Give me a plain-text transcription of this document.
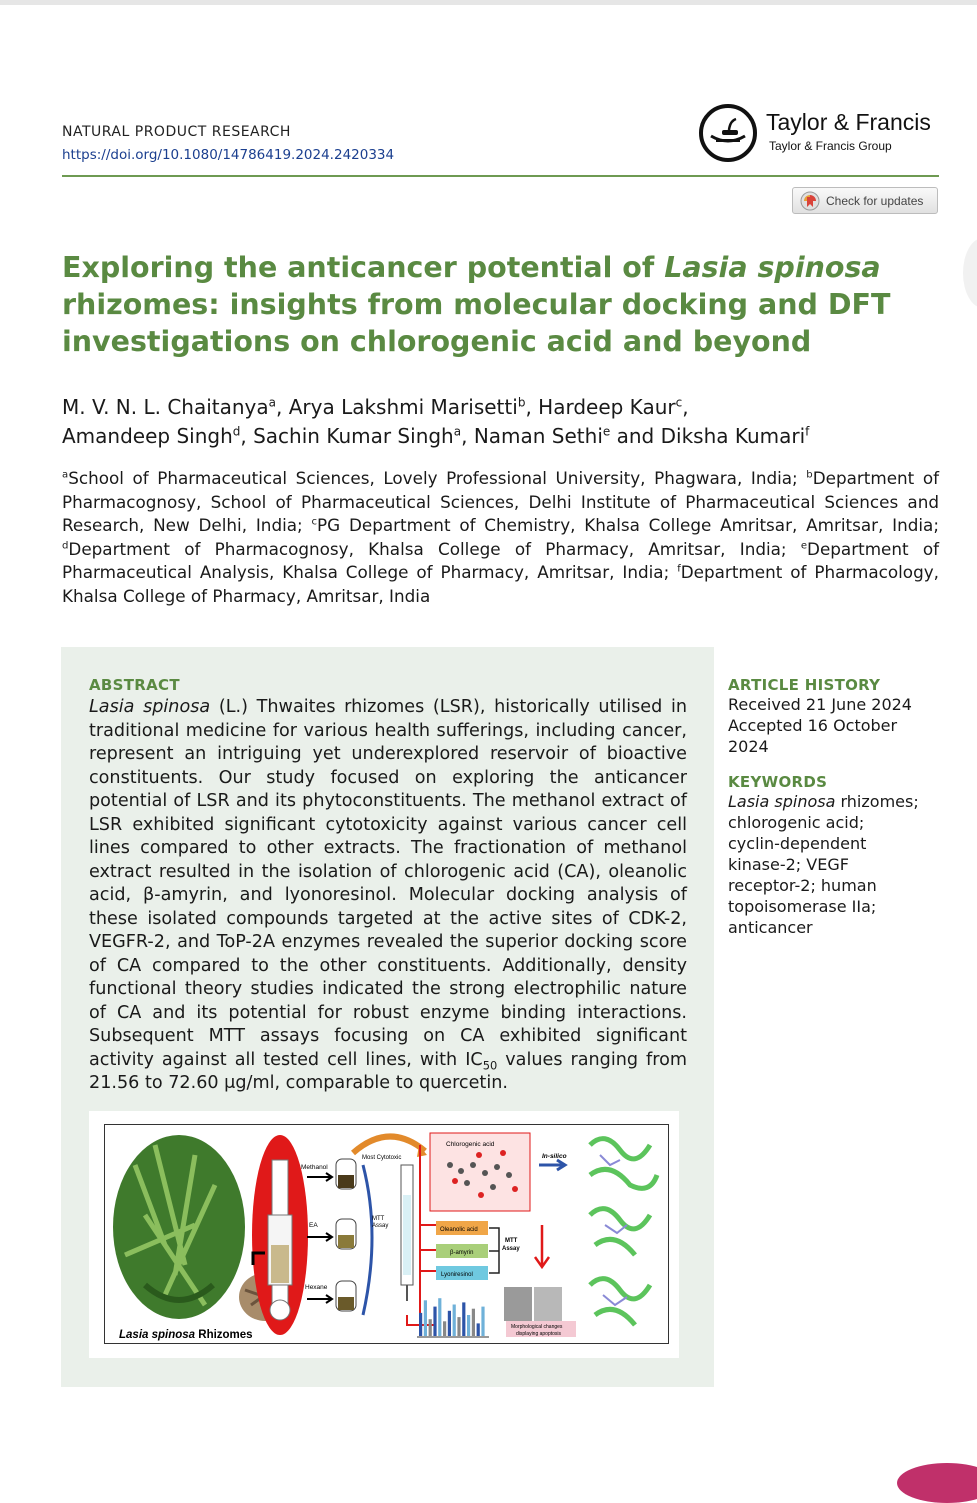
NATURAL PRODUCT RESEARCH
https://doi.org/10.1080/14786419.2024.2420334
Taylor & Francis
Taylor & Francis Group
Check for updates
Exploring the anticancer potential of Lasia spinosa rhizomes: insights from molecular docking and DFT investigations on chlorogenic acid and beyond
M. V. N. L. Chaitanya$^a$, Arya Lakshmi Marisetti$^b$, Hardeep Kaur$^c$,
Amandeep Singh$^d$, Sachin Kumar Singh$^a$, Naman Sethi$^e$ and Diksha Kumari$^f$
$^a$School of Pharmaceutical Sciences, Lovely Professional University, Phagwara, India; $^b$Department of Pharmacognosy, School of Pharmaceutical Sciences, Delhi Institute of Pharmaceutical Sciences and Research, New Delhi, India; $^c$PG Department of Chemistry, Khalsa College Amritsar, Amritsar, India; $^d$Department of Pharmacognosy, Khalsa College of Pharmacy, Amritsar, India; $^e$Department of Pharmaceutical Analysis, Khalsa College of Pharmacy, Amritsar, India; $^f$Department of Pharmacology, Khalsa College of Pharmacy, Amritsar, India
ABSTRACT
Lasia spinosa (L.) Thwaites rhizomes (LSR), historically utilised in traditional medicine for various health sufferings, including cancer, represent an intriguing yet underexplored reservoir of bioactive constituents. Our study focused on exploring the anticancer potential of LSR and its phytoconstituents. The methanol extract of LSR exhibited significant cytotoxicity against various cancer cell lines compared to other extracts. The fractionation of methanol extract resulted in the isolation of chlorogenic acid (CA), oleanolic acid, β-amyrin, and lyonoresinol. Molecular docking analysis of these isolated compounds targeted at the active sites of CDK-2, VEGFR-2, and ToP-2A enzymes revealed the superior docking score of CA compared to the other constituents. Additionally, density functional theory studies indicated the strong electrophilic nature of CA and its potential for robust enzyme binding interactions. Subsequent MTT assays focusing on CA exhibited significant activity against all tested cell lines, with $IC_{50}$ values ranging from 21.56 to 72.60 μg/ml, comparable to quercetin.
ARTICLE HISTORY
Received 21 June 2024
Accepted 16 October
2024
KEYWORDS
Lasia spinosa rhizomes;
chlorogenic acid;
cyclin-dependent
kinase-2; VEGF
receptor-2; human
topoisomerase IIa;
anticancer
Methanol
EA
Hexane
MTT
Assay
Most Cytotoxic
Chlorogenic acid
Oleanolic acid
β-amyrin
Lyoniresinol
MTT
Assay
In-silico
Morphological changes
displaying apoptosis
Lasia spinosa Rhizomes
